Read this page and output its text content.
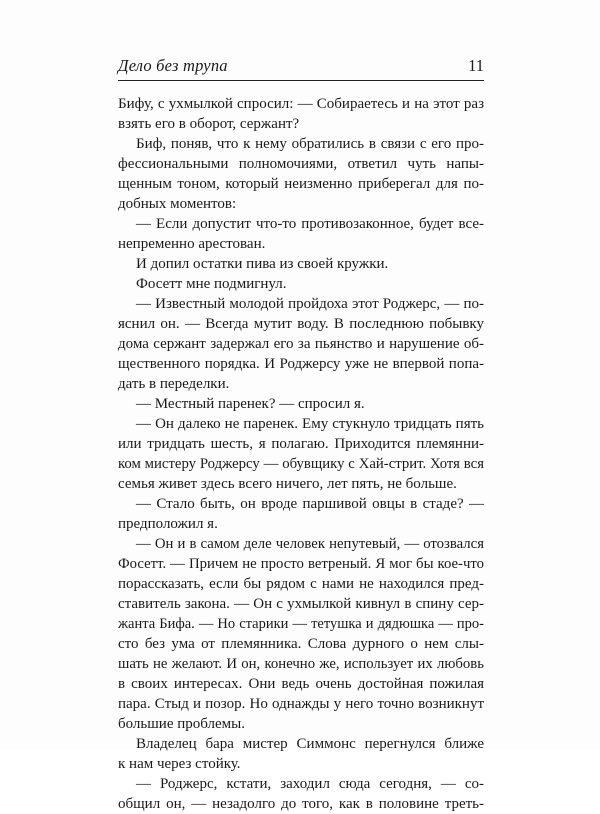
Дело без трупа	11
Бифу, с ухмылкой спросил: — Собираетесь и на этот раз
взять его в оборот, сержант?
Биф, поняв, что к нему обратились в связи с его про-
фессиональными полномочиями, ответил чуть напы-
щенным тоном, который неизменно приберегал для по-
добных моментов:
— Если допустит что-то противозаконное, будет все-
непременно арестован.
И допил остатки пива из своей кружки.
Фосетт мне подмигнул.
— Известный молодой пройдоха этот Роджерс, — по-
яснил он. — Всегда мутит воду. В последнюю побывку
дома сержант задержал его за пьянство и нарушение об-
щественного порядка. И Роджерсу уже не впервой попа-
дать в переделки.
— Местный паренек? — спросил я.
— Он далеко не паренек. Ему стукнуло тридцать пять
или тридцать шесть, я полагаю. Приходится племянни-
ком мистеру Роджерсу — обувщику с Хай-стрит. Хотя вся
семья живет здесь всего ничего, лет пять, не больше.
— Стало быть, он вроде паршивой овцы в стаде? —
предположил я.
— Он и в самом деле человек непутевый, — отозвался
Фосетт. — Причем не просто ветреный. Я мог бы кое-что
порассказать, если бы рядом с нами не находился пред-
ставитель закона. — Он с ухмылкой кивнул в спину сер-
жанта Бифа. — Но старики — тетушка и дядюшка — про-
сто без ума от племянника. Слова дурного о нем слы-
шать не желают. И он, конечно же, использует их любовь
в своих интересах. Они ведь очень достойная пожилая
пара. Стыд и позор. Но однажды у него точно возникнут
большие проблемы.
Владелец бара мистер Симмонс перегнулся ближе
к нам через стойку.
— Роджерс, кстати, заходил сюда сегодня, — со-
общил он, — незадолго до того, как в половине треть-
